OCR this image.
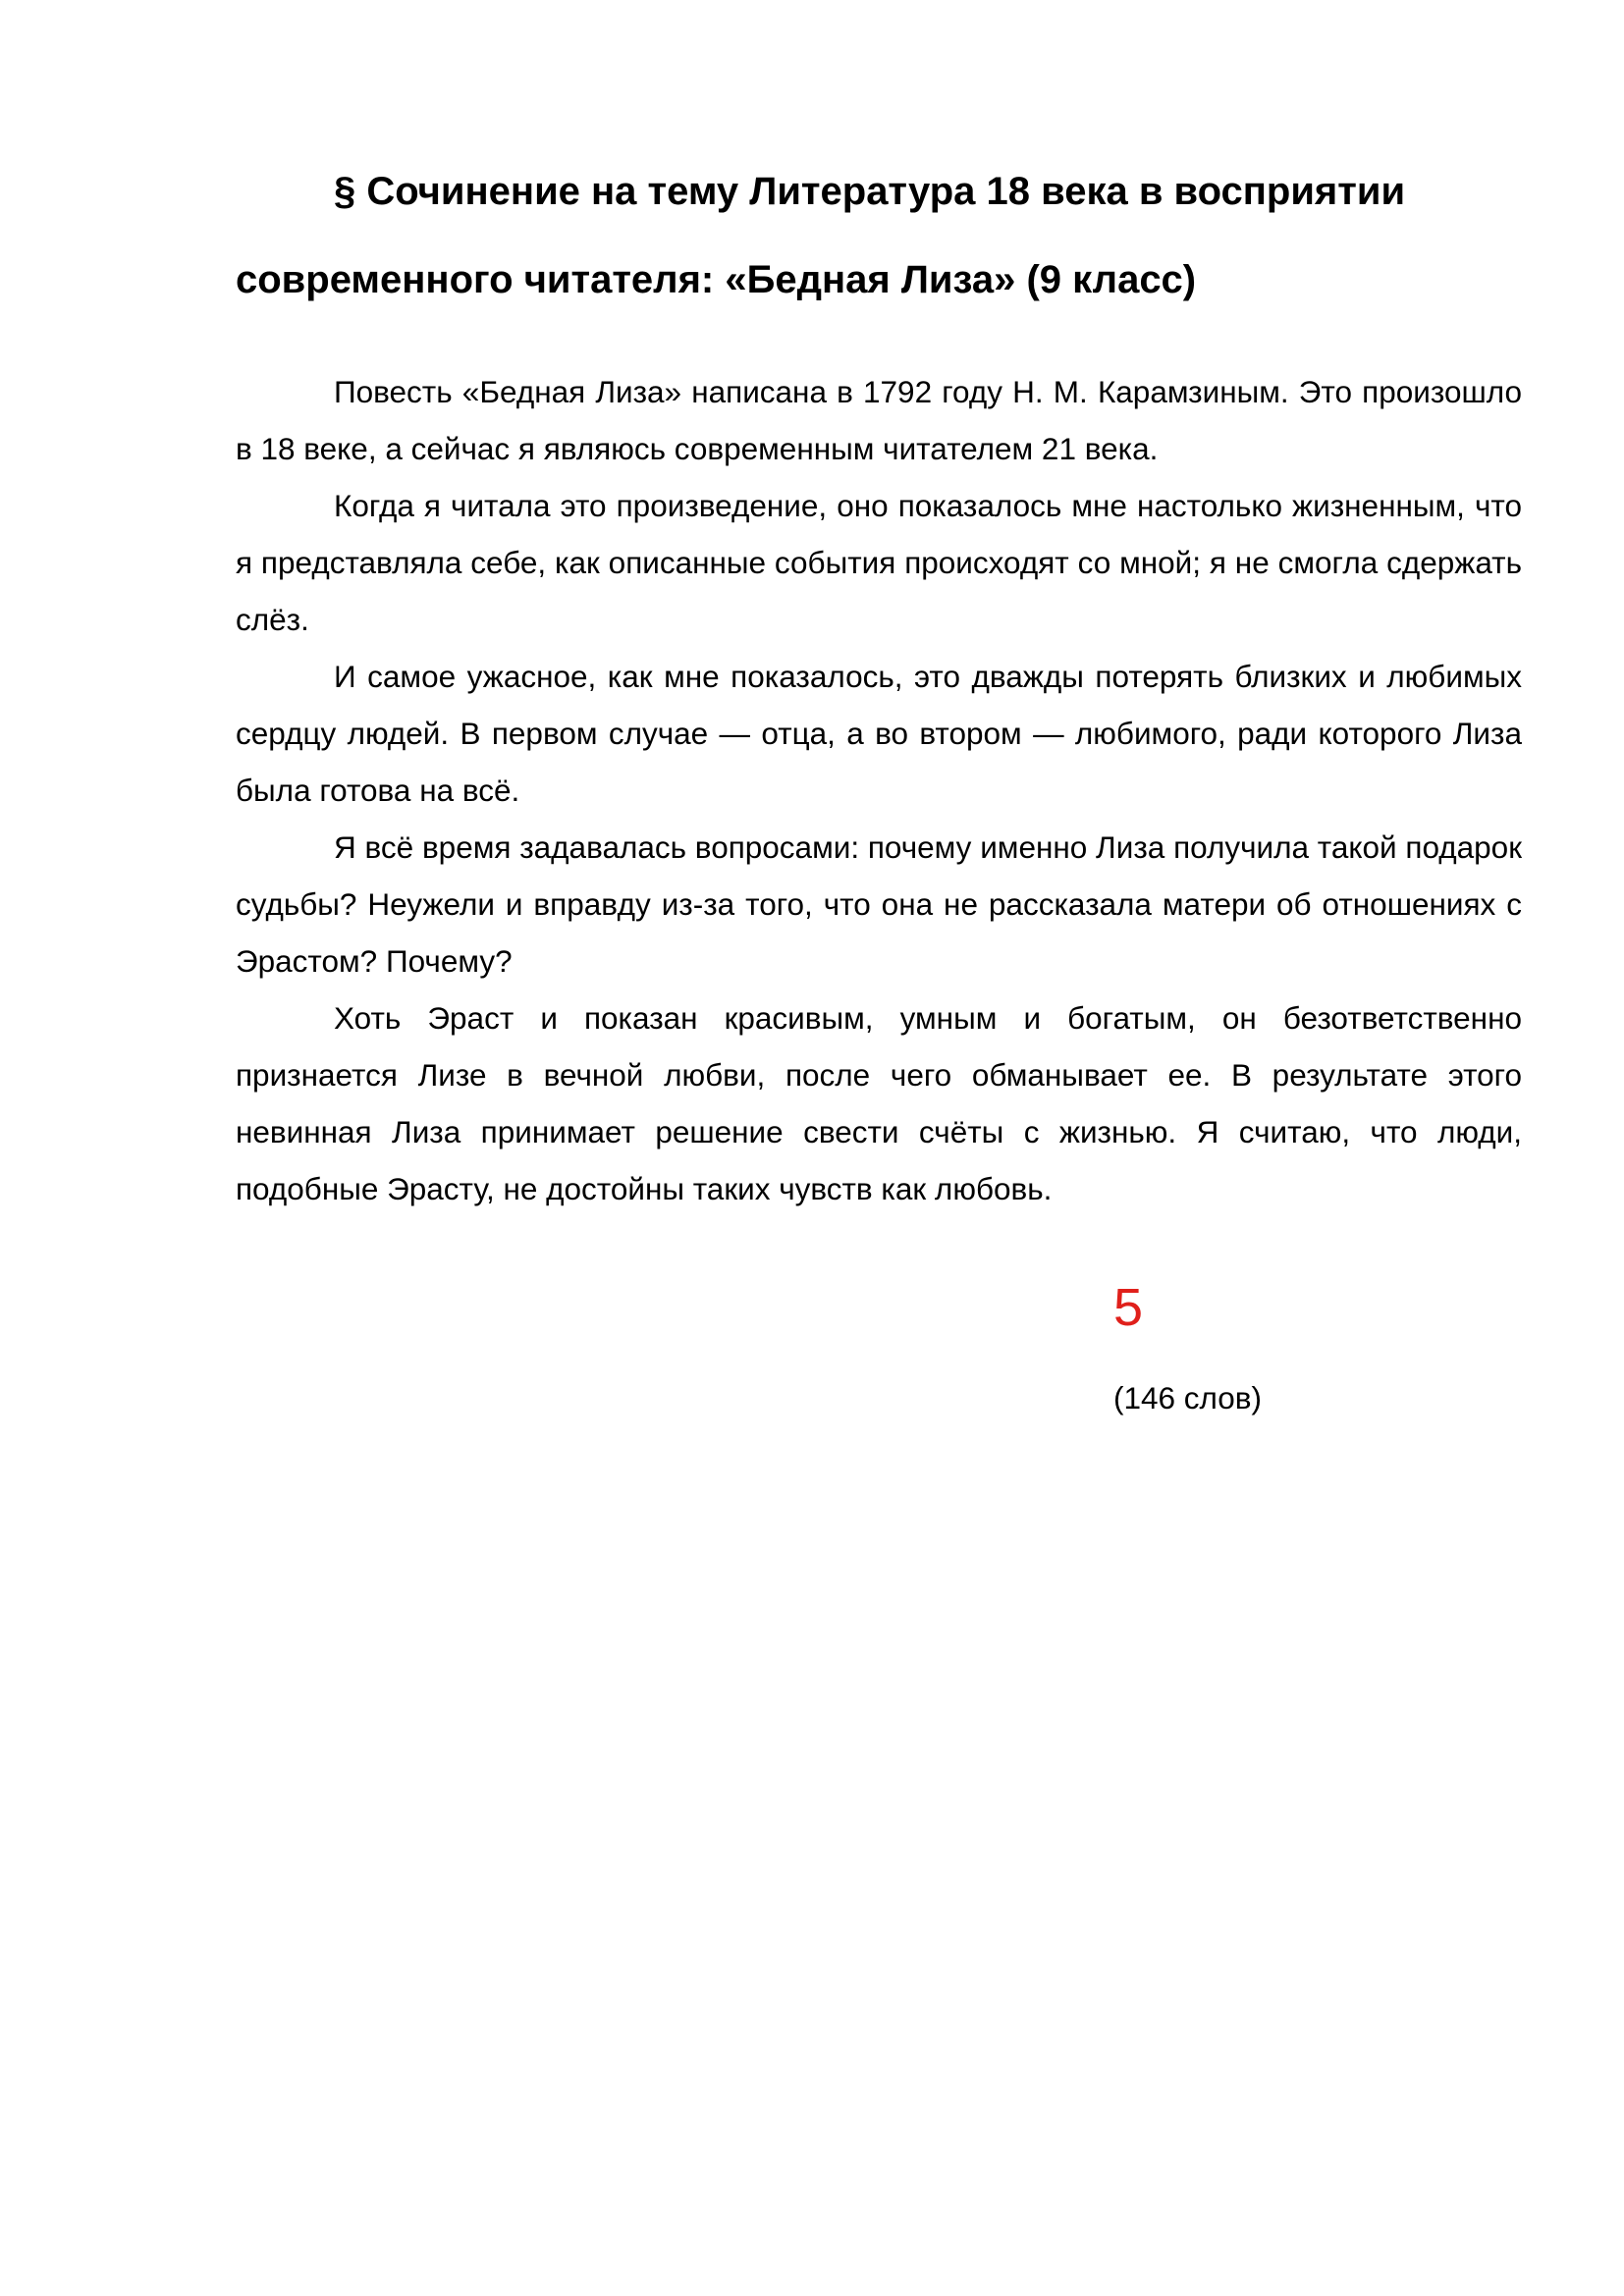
§ Сочинение на тему Литература 18 века в восприятии современного читателя: «Бедная Лиза» (9 класс)

Повесть «Бедная Лиза» написана в 1792 году Н. М. Карамзиным. Это произошло в 18 веке, а сейчас я являюсь современным читателем 21 века.

Когда я читала это произведение, оно показалось мне настолько жизненным, что я представляла себе, как описанные события происходят со мной; я не смогла сдержать слёз.

И самое ужасное, как мне показалось, это дважды потерять близких и любимых сердцу людей. В первом случае — отца, а во втором — любимого, ради которого Лиза была готова на всё.

Я всё время задавалась вопросами: почему именно Лиза получила такой подарок судьбы? Неужели и вправду из-за того, что она не рассказала матери об отношениях с Эрастом? Почему?

Хоть Эраст и показан красивым, умным и богатым, он безответственно признается Лизе в вечной любви, после чего обманывает ее. В результате этого невинная Лиза принимает решение свести счёты с жизнью. Я считаю, что люди, подобные Эрасту, не достойны таких чувств как любовь.

5
(146 слов)
